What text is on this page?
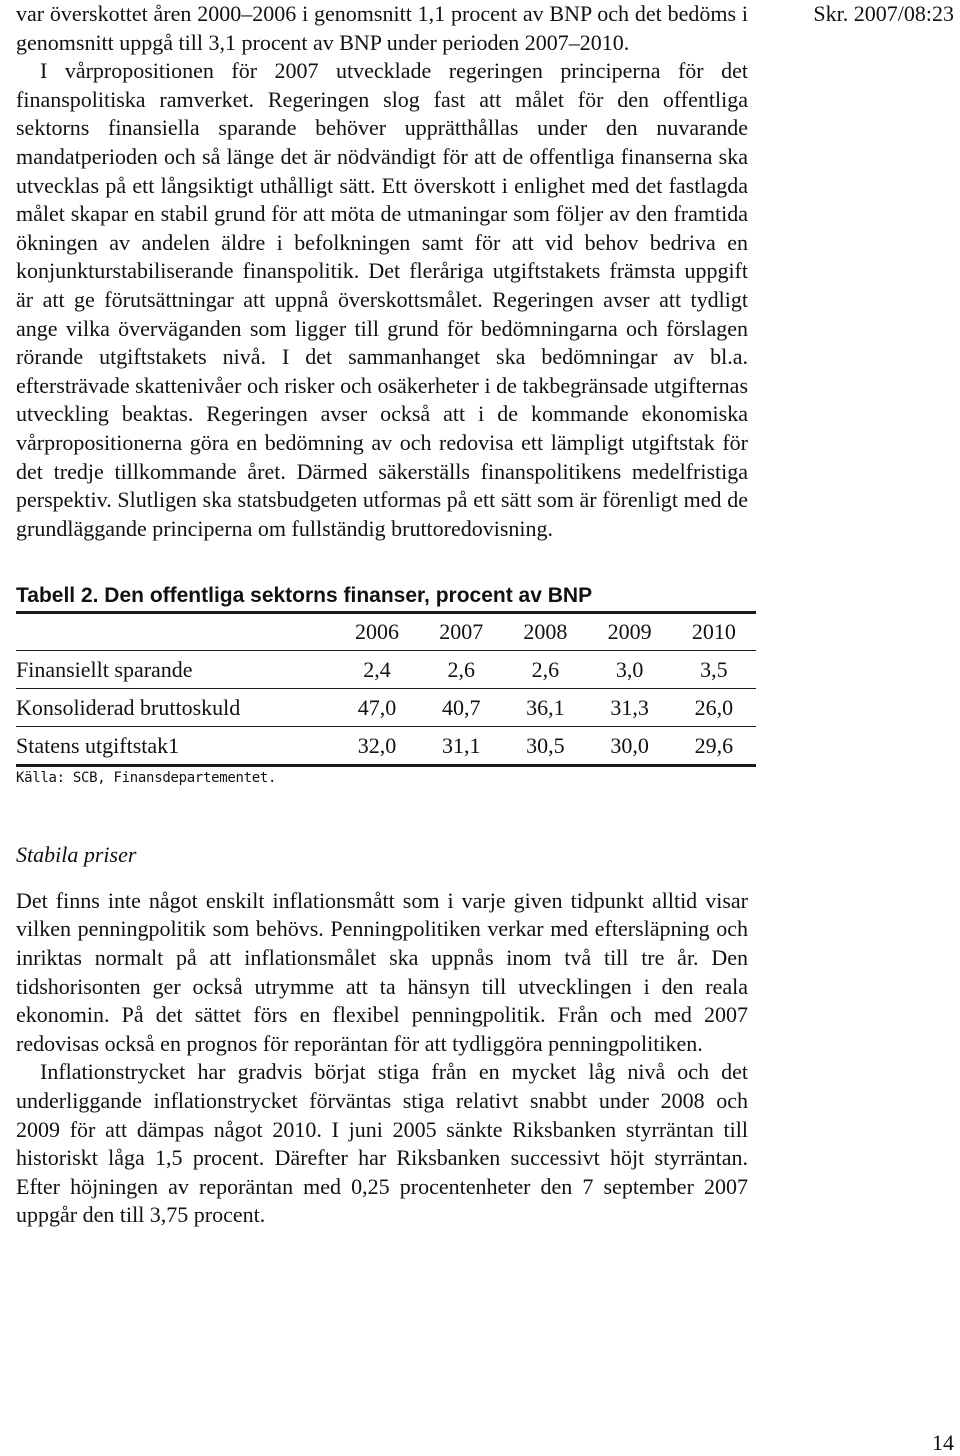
Skr. 2007/08:23

var överskottet åren 2000–2006 i genomsnitt 1,1 procent av BNP och det bedöms i genomsnitt uppgå till 3,1 procent av BNP under perioden 2007–2010.

I vårpropositionen för 2007 utvecklade regeringen principerna för det finanspolitiska ramverket. Regeringen slog fast att målet för den offentliga sektorns finansiella sparande behöver upprätthållas under den nuvarande mandatperioden och så länge det är nödvändigt för att de offentliga finanserna ska utvecklas på ett långsiktigt uthålligt sätt. Ett överskott i enlighet med det fastlagda målet skapar en stabil grund för att möta de utmaningar som följer av den framtida ökningen av andelen äldre i befolkningen samt för att vid behov bedriva en konjunkturstabiliserande finanspolitik. Det fleråriga utgiftstakets främsta uppgift är att ge förutsättningar att uppnå överskottsmålet. Regeringen avser att tydligt ange vilka överväganden som ligger till grund för bedömningarna och förslagen rörande utgiftstakets nivå. I det sammanhanget ska bedömningar av bl.a. eftersträvade skattenivåer och risker och osäkerheter i de takbegränsade utgifternas utveckling beaktas. Regeringen avser också att i de kommande ekonomiska vårpropositionerna göra en bedömning av och redovisa ett lämpligt utgiftstak för det tredje tillkommande året. Därmed säkerställs finanspolitikens medelfristiga perspektiv. Slutligen ska statsbudgeten utformas på ett sätt som är förenligt med de grundläggande principerna om fullständig bruttoredovisning.

Tabell 2. Den offentliga sektorns finanser, procent av BNP

	2006	2007	2008	2009	2010
Finansiellt sparande	2,4	2,6	2,6	3,0	3,5
Konsoliderad bruttoskuld	47,0	40,7	36,1	31,3	26,0
Statens utgiftstak1	32,0	31,1	30,5	30,0	29,6

Källa: SCB, Finansdepartementet.

Stabila priser

Det finns inte något enskilt inflationsmått som i varje given tidpunkt alltid visar vilken penningpolitik som behövs. Penningpolitiken verkar med eftersläpning och inriktas normalt på att inflationsmålet ska uppnås inom två till tre år. Den tidshorisonten ger också utrymme att ta hänsyn till utvecklingen i den reala ekonomin. På det sättet förs en flexibel penningpolitik. Från och med 2007 redovisas också en prognos för reporäntan för att tydliggöra penningpolitiken.

Inflationstrycket har gradvis börjat stiga från en mycket låg nivå och det underliggande inflationstrycket förväntas stiga relativt snabbt under 2008 och 2009 för att dämpas något 2010. I juni 2005 sänkte Riksbanken styrräntan till historiskt låga 1,5 procent. Därefter har Riksbanken successivt höjt styrräntan. Efter höjningen av reporäntan med 0,25 procentenheter den 7 september 2007 uppgår den till 3,75 procent.

14
